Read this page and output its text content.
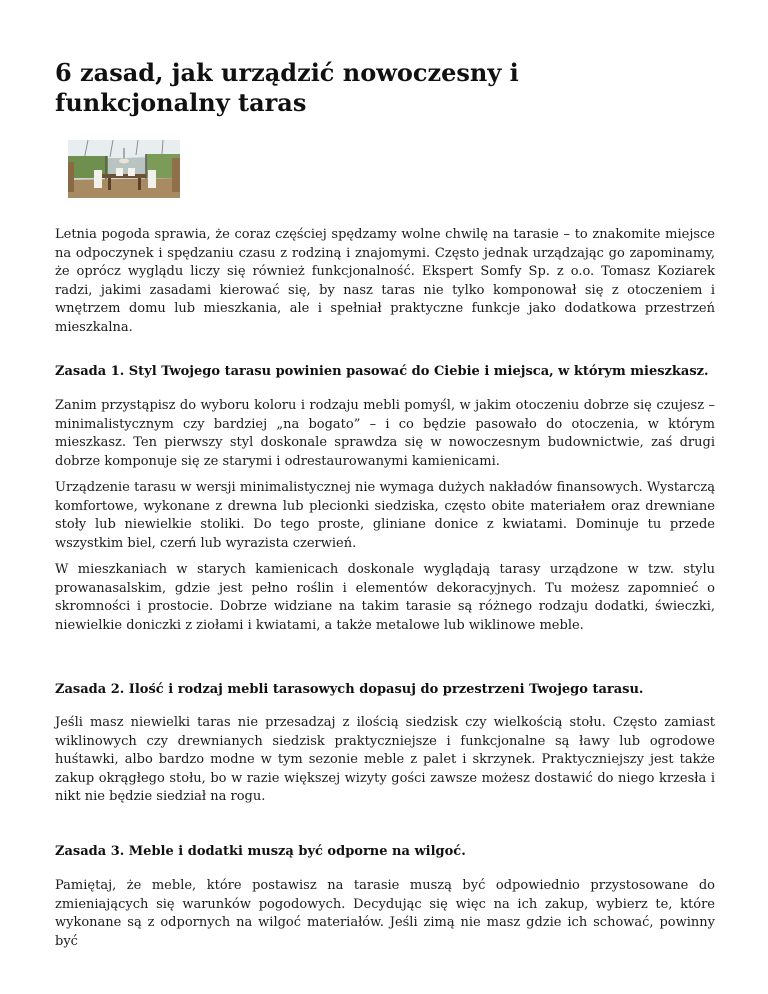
6 zasad, jak urządzić nowoczesny i funkcjonalny taras

Letnia pogoda sprawia, że coraz częściej spędzamy wolne chwilę na tarasie – to znakomite miejsce na odpoczynek i spędzaniu czasu z rodziną i znajomymi. Często jednak urządzając go zapominamy, że oprócz wyglądu liczy się również funkcjonalność. Ekspert Somfy Sp. z o.o. Tomasz Koziarek radzi, jakimi zasadami kierować się, by nasz taras nie tylko komponował się z otoczeniem i wnętrzem domu lub mieszkania, ale i spełniał praktyczne funkcje jako dodatkowa przestrzeń mieszkalna.

Zasada 1. Styl Twojego tarasu powinien pasować do Ciebie i miejsca, w którym mieszkasz.

Zanim przystąpisz do wyboru koloru i rodzaju mebli pomyśl, w jakim otoczeniu dobrze się czujesz – minimalistycznym czy bardziej „na bogato” – i co będzie pasowało do otoczenia, w którym mieszkasz. Ten pierwszy styl doskonale sprawdza się w nowoczesnym budownictwie, zaś drugi dobrze komponuje się ze starymi i odrestaurowanymi kamienicami.

Urządzenie tarasu w wersji minimalistycznej nie wymaga dużych nakładów finansowych. Wystarczą komfortowe, wykonane z drewna lub plecionki siedziska, często obite materiałem oraz drewniane stoły lub niewielkie stoliki. Do tego proste, gliniane donice z kwiatami. Dominuje tu przede wszystkim biel, czerń lub wyrazista czerwień.

W mieszkaniach w starych kamienicach doskonale wyglądają tarasy urządzone w tzw. stylu prowanasalskim, gdzie jest pełno roślin i elementów dekoracyjnych. Tu możesz zapomnieć o skromności i prostocie. Dobrze widziane na takim tarasie są różnego rodzaju dodatki, świeczki, niewielkie doniczki z ziołami i kwiatami, a także metalowe lub wiklinowe meble.

Zasada 2. Ilość i rodzaj mebli tarasowych dopasuj do przestrzeni Twojego tarasu.

Jeśli masz niewielki taras nie przesadzaj z ilością siedzisk czy wielkością stołu. Często zamiast wiklinowych czy drewnianych siedzisk praktyczniejsze i funkcjonalne są ławy lub ogrodowe huśtawki, albo bardzo modne w tym sezonie meble z palet i skrzynek. Praktyczniejszy jest także zakup okrągłego stołu, bo w razie większej wizyty gości zawsze możesz dostawić do niego krzesła i nikt nie będzie siedział na rogu.

Zasada 3. Meble i dodatki muszą być odporne na wilgoć.

Pamiętaj, że meble, które postawisz na tarasie muszą być odpowiednio przystosowane do zmieniających się warunków pogodowych. Decydując się więc na ich zakup, wybierz te, które wykonane są z odpornych na wilgoć materiałów. Jeśli zimą nie masz gdzie ich schować, powinny być
